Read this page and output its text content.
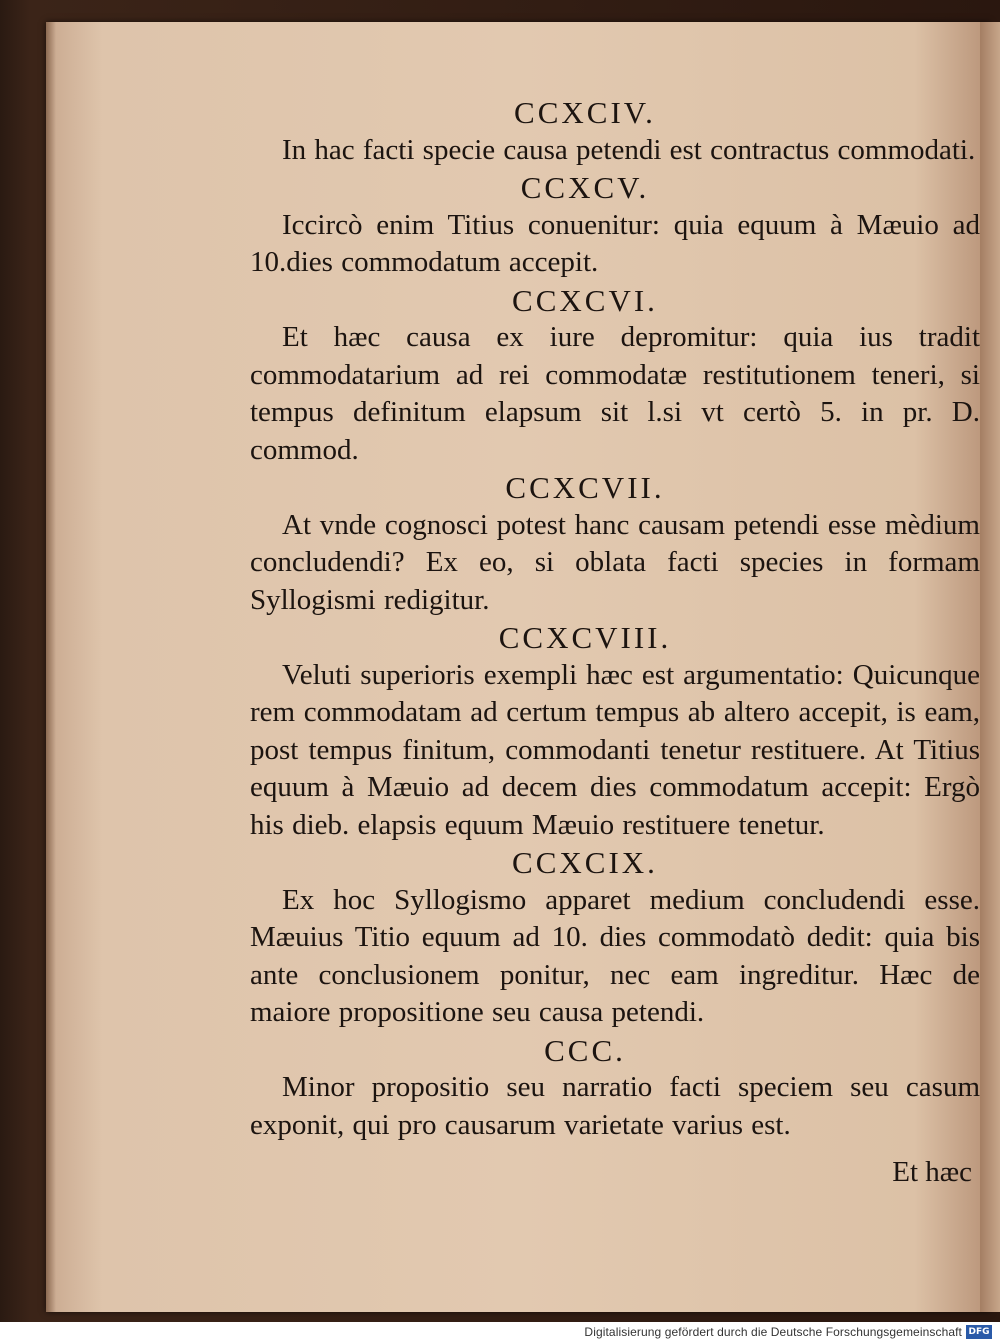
CCXCIV.

In hac facti specie causa petendi est contractus commodati.

CCXCV.

Iccircò enim Titius conuenitur: quia equum à Mæuio ad 10.dies commodatum accepit.

CCXCVI.

Et hæc causa ex iure depromitur: quia ius tradit commodatarium ad rei commodatæ restitutionem teneri, si tempus definitum elapsum sit l.si vt certò 5. in pr. D. commod.

CCXCVII.

At vnde cognosci potest hanc causam petendi esse mèdium concludendi? Ex eo, si oblata facti species in formam Syllogismi redigitur.

CCXCVIII.

Veluti superioris exempli hæc est argumentatio: Quicunque rem commodatam ad certum tempus ab altero accepit, is eam, post tempus finitum, commodanti tenetur restituere. At Titius equum à Mæuio ad decem dies commodatum accepit: Ergò his dieb. elapsis equum Mæuio restituere tenetur.

CCXCIX.

Ex hoc Syllogismo apparet medium concludendi esse. Mæuius Titio equum ad 10. dies commodatò dedit: quia bis ante conclusionem ponitur, nec eam ingreditur. Hæc de maiore propositione seu causa petendi.

CCC.

Minor propositio seu narratio facti speciem seu casum exponit, qui pro causarum varietate varius est.

Et hæc

Digitalisierung gefördert durch die Deutsche Forschungsgemeinschaft DFG
